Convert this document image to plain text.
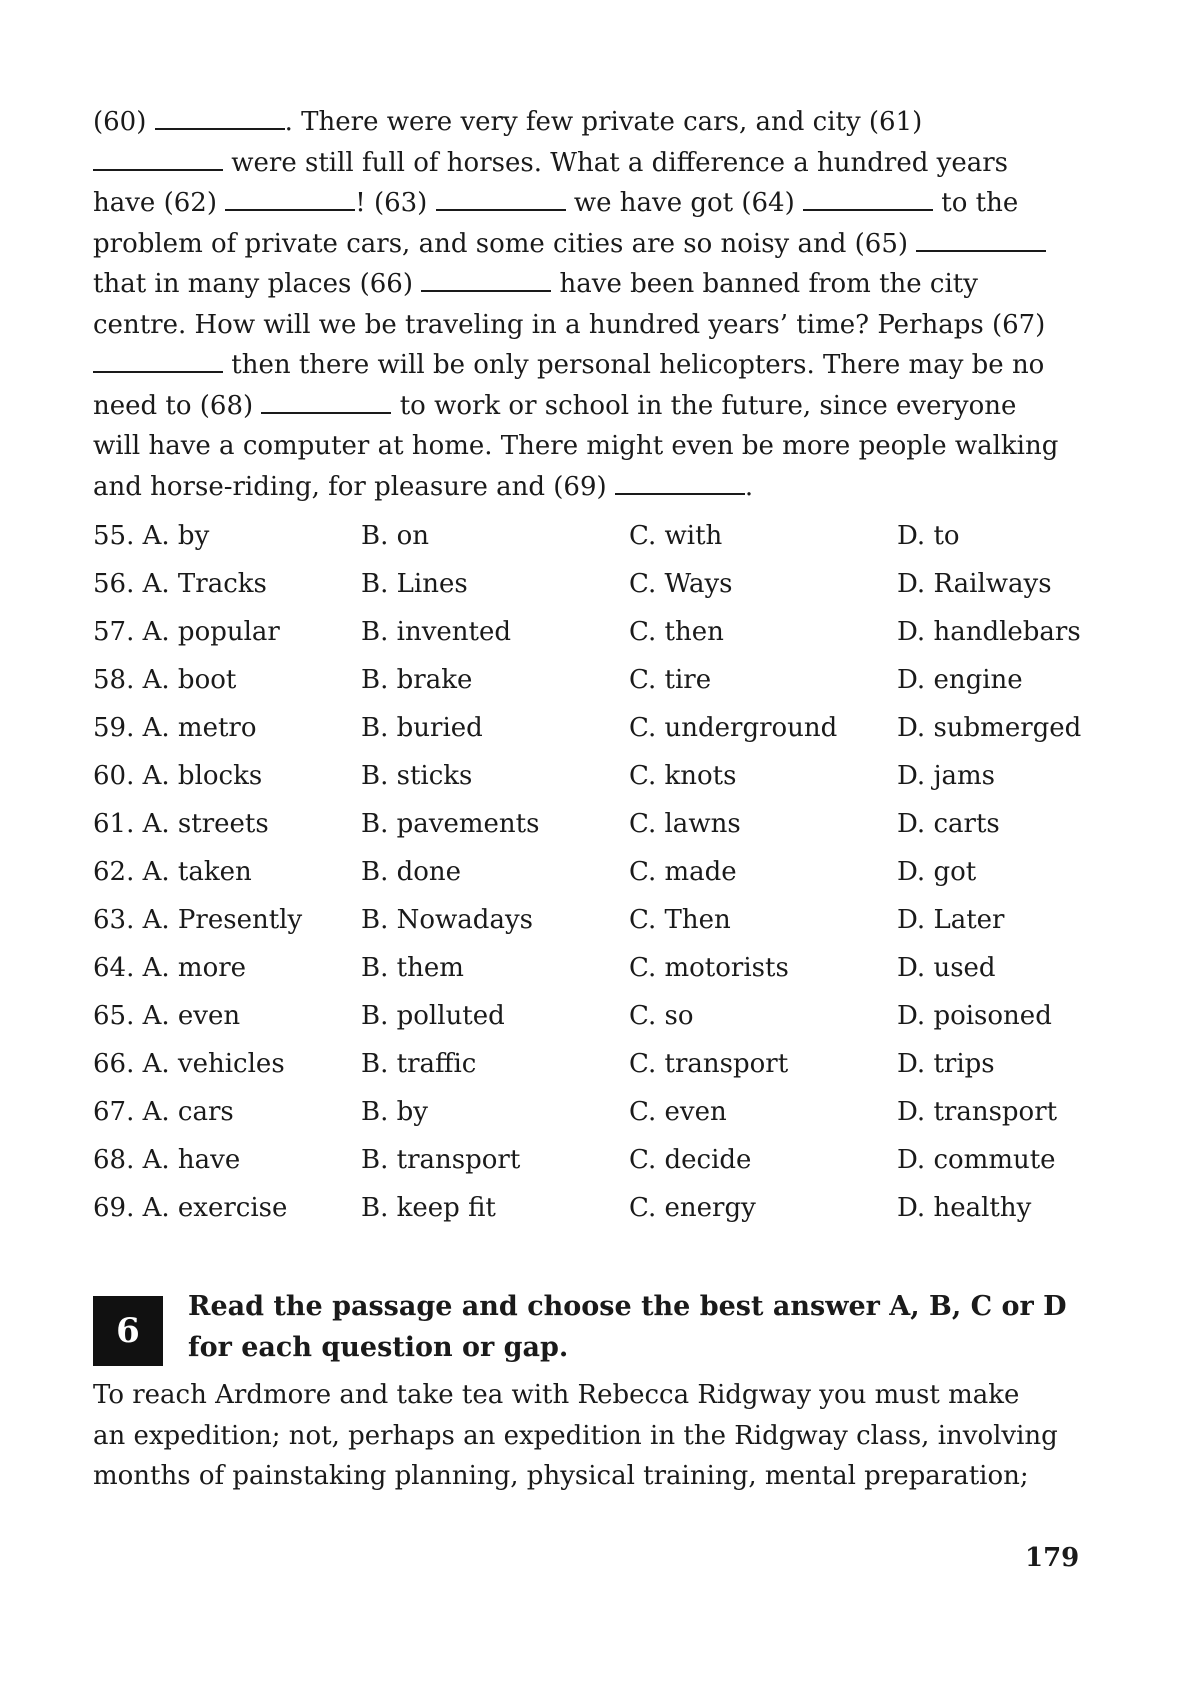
(60)	. There were very few private cars, and city (61)

were still full of horses. What a difference a hundred years

have (62)	! (63)	we have got (64)	to the

problem of private cars, and some cities are so noisy and (65)

that in many places (66)	have been banned from the city

centre. How will we be traveling in a hundred years’ time? Perhaps (67)

then there will be only personal helicopters. There may be no

need to (68)	to work or school in the future, since everyone

will have a computer at home. There might even be more people walking

and horse-riding, for pleasure and (69)	.

55. A. by	B. on	C. with	D. to
56. A. Tracks	B. Lines	C. Ways	D. Railways
57. A. popular	B. invented	C. then	D. handlebars
58. A. boot	B. brake	C. tire	D. engine
59. A. metro	B. buried	C. underground	D. submerged
60. A. blocks	B. sticks	C. knots	D. jams
61. A. streets	B. pavements	C. lawns	D. carts
62. A. taken	B. done	C. made	D. got
63. A. Presently	B. Nowadays	C. Then	D. Later
64. A. more	B. them	C. motorists	D. used
65. A. even	B. polluted	C. so	D. poisoned
66. A. vehicles	B. traffic	C. transport	D. trips
67. A. cars	B. by	C. even	D. transport
68. A. have	B. transport	C. decide	D. commute
69. A. exercise	B. keep fit	C. energy	D. healthy
6
Read the passage and choose the best answer A, B, C or D
for each question or gap.

To reach Ardmore and take tea with Rebecca Ridgway you must make

an expedition; not, perhaps an expedition in the Ridgway class, involving

months of painstaking planning, physical training, mental preparation;

179
